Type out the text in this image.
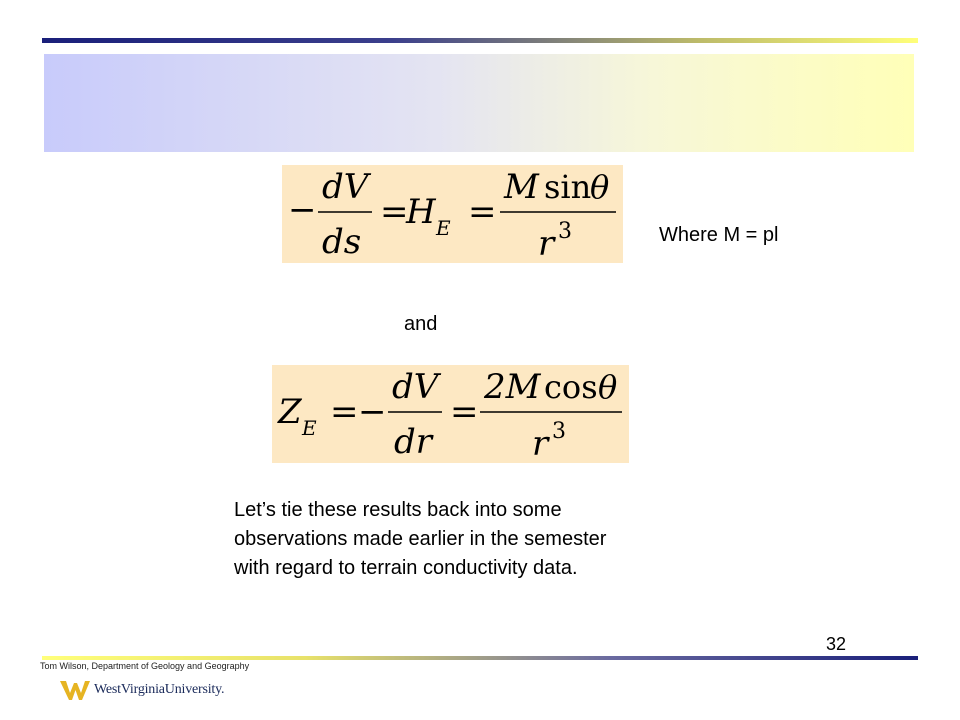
−
dV
ds
=
H E =
M sin
θ
r 3	Where M = pl
and
Z E = −
dV
dr
=
2M cos θ
r 3

Let’s tie these results back into some
observations made earlier in the semester
with regard to terrain conductivity data.

32
Tom Wilson, Department of Geology and Geography
WestVirginiaUniversity.
